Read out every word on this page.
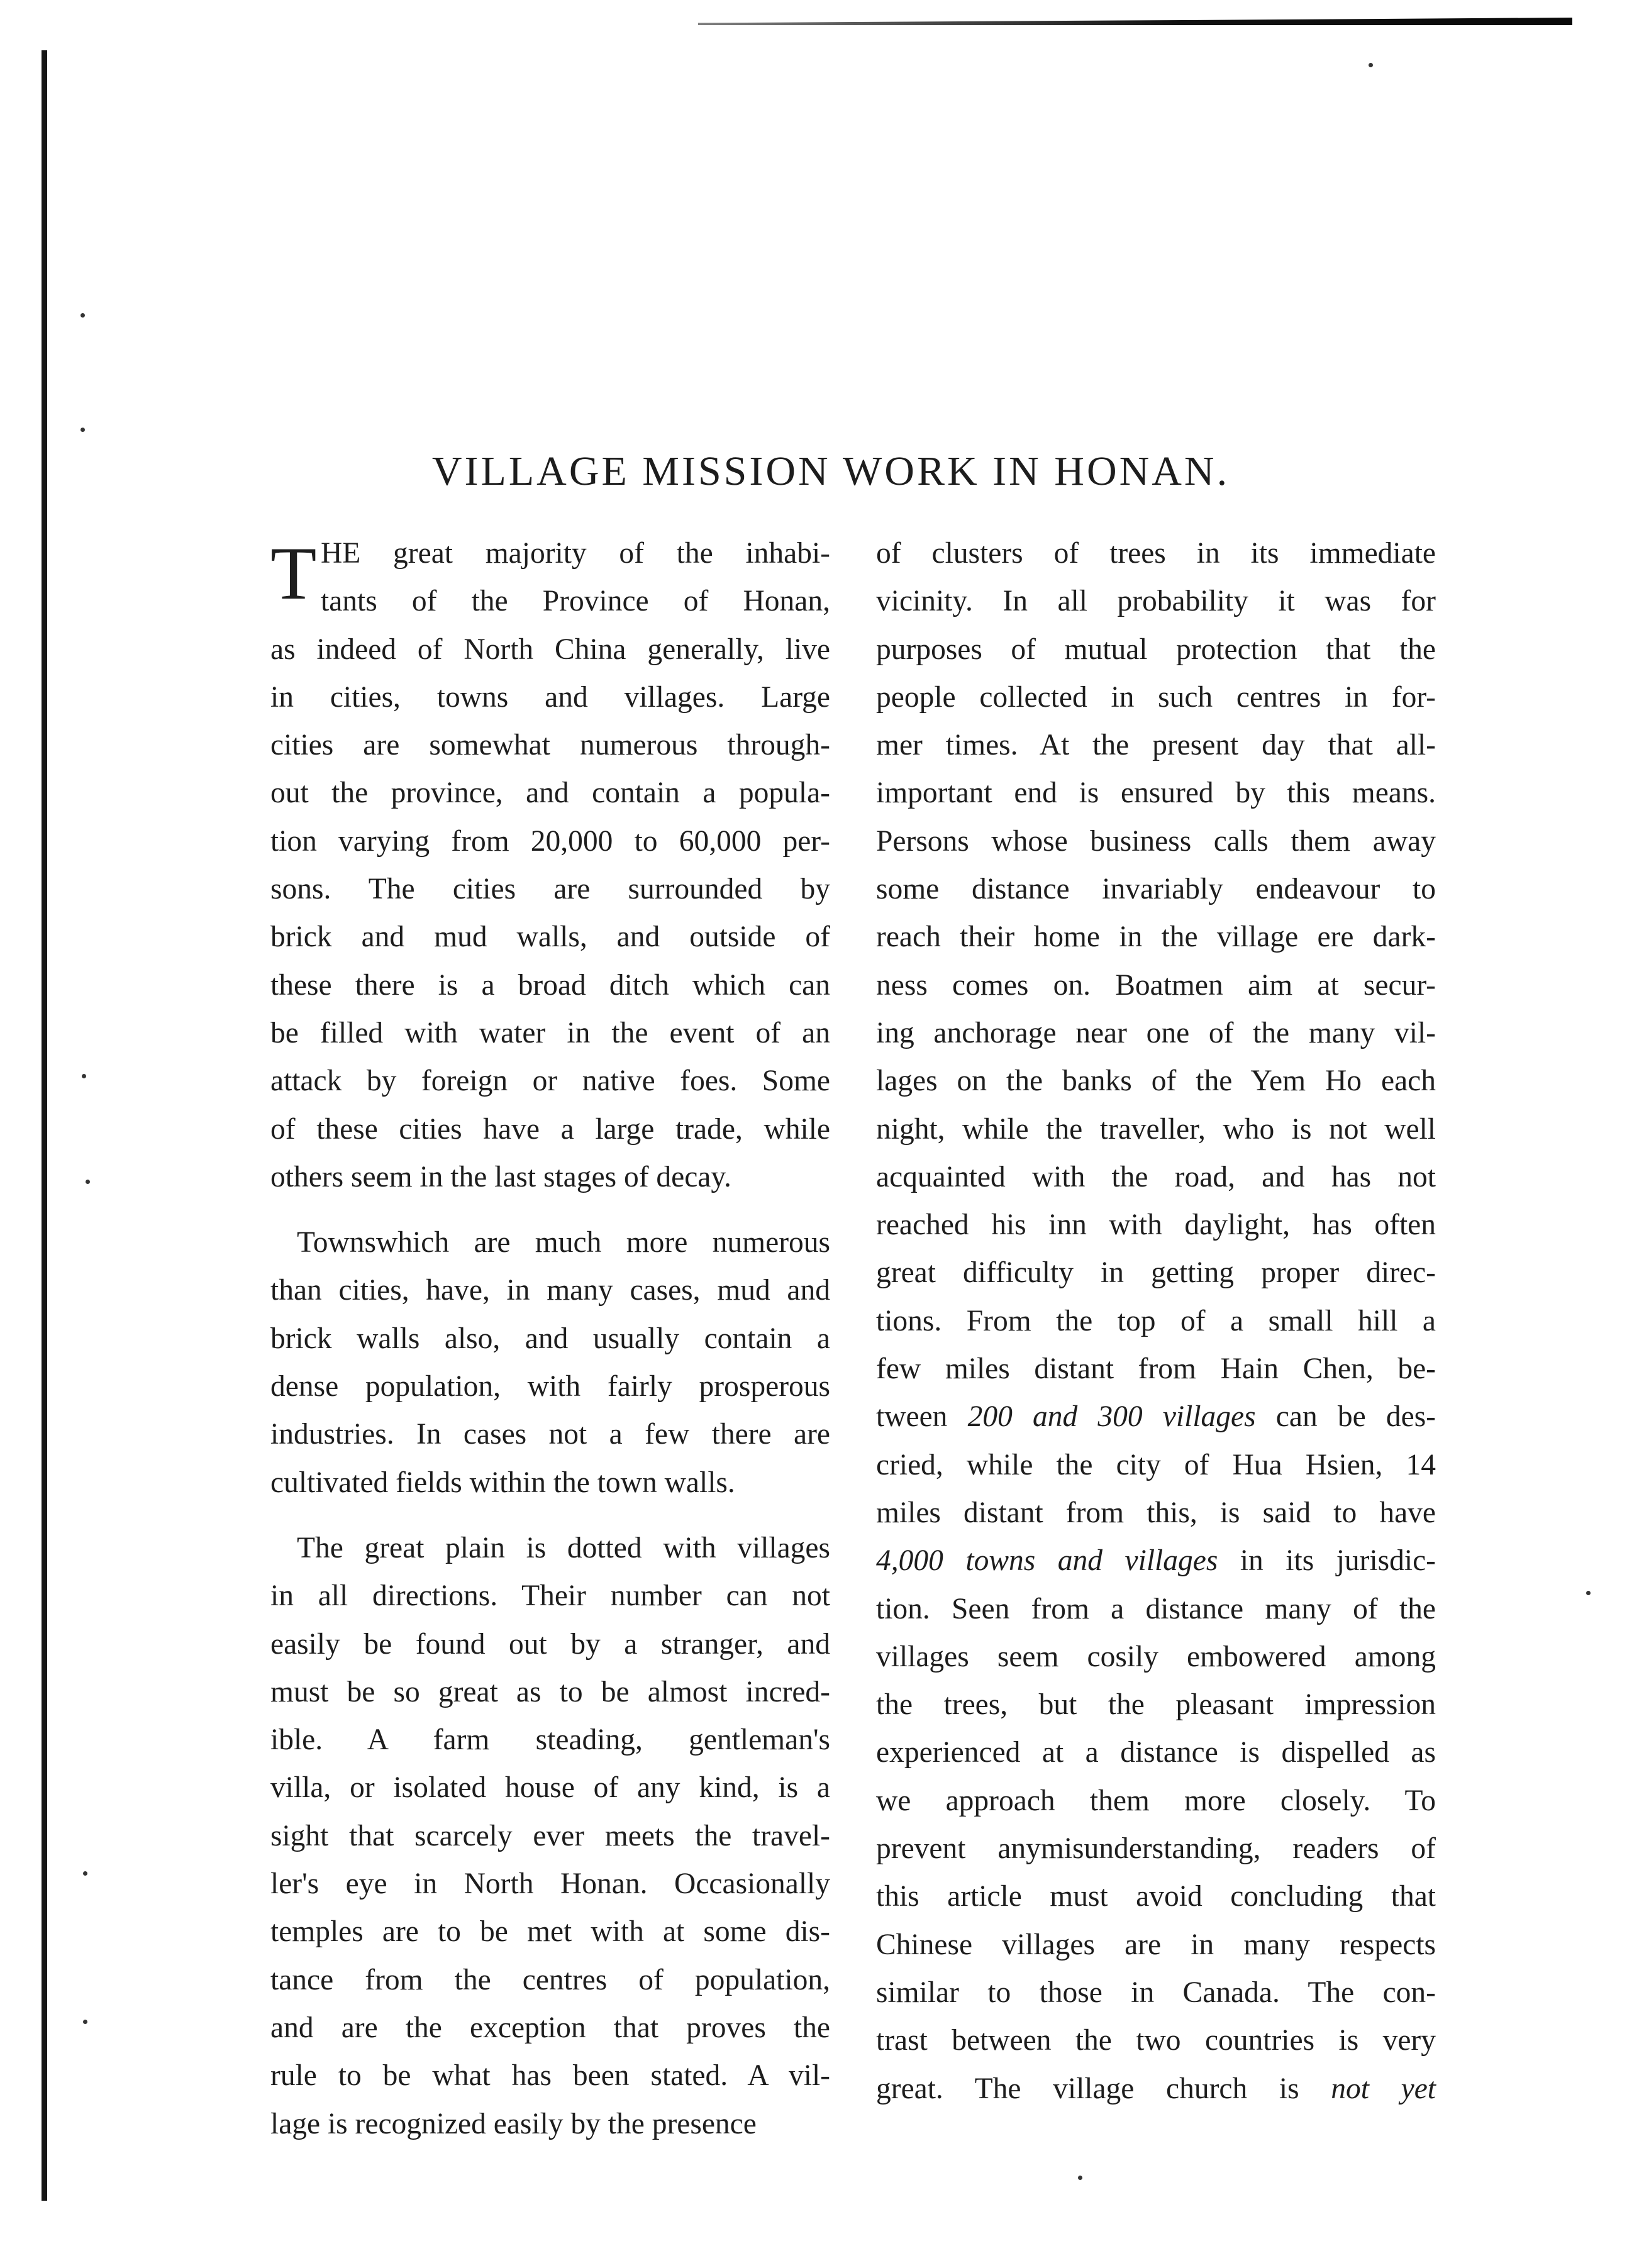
VILLAGE MISSION WORK IN HONAN.
HE great majority of the inhabi-
tants of the Province of Honan,
as indeed of North China generally, live
in cities, towns and villages. Large
cities are somewhat numerous through-
out the province, and contain a popula-
tion varying from 20,000 to 60,000 per-
sons. The cities are surrounded by
brick and mud walls, and outside of
these there is a broad ditch which can
be filled with water in the event of an
attack by foreign or native foes. Some
of these cities have a large trade, while
others seem in the last stages of decay.
Townswhich are much more numerous
than cities, have, in many cases, mud and
brick walls also, and usually contain a
dense population, with fairly prosperous
industries. In cases not a few there are
cultivated fields within the town walls.
The great plain is dotted with villages
in all directions. Their number can not
easily be found out by a stranger, and
must be so great as to be almost incred-
ible. A farm steading, gentleman's
villa, or isolated house of any kind, is a
sight that scarcely ever meets the travel-
ler's eye in North Honan. Occasionally
temples are to be met with at some dis-
tance from the centres of population,
and are the exception that proves the
rule to be what has been stated. A vil-
lage is recognized easily by the presence
T	of clusters of trees in its immediate
vicinity. In all probability it was for
purposes of mutual protection that the
people collected in such centres in for-
mer times. At the present day that all-
important end is ensured by this means.
Persons whose business calls them away
some distance invariably endeavour to
reach their home in the village ere dark-
ness comes on. Boatmen aim at secur-
ing anchorage near one of the many vil-
lages on the banks of the Yem Ho each
night, while the traveller, who is not well
acquainted with the road, and has not
reached his inn with daylight, has often
great difficulty in getting proper direc-
tions. From the top of a small hill a
few miles distant from Hain Chen, be-
tween 200 and 300 villages can be des-
cried, while the city of Hua Hsien, 14
miles distant from this, is said to have
4,000 towns and villages in its jurisdic-
tion. Seen from a distance many of the
villages seem cosily embowered among
the trees, but the pleasant impression
experienced at a distance is dispelled as
we approach them more closely. To
prevent anymisunderstanding, readers of
this article must avoid concluding that
Chinese villages are in many respects
similar to those in Canada. The con-
trast between the two countries is very
great. The village church is not yet
